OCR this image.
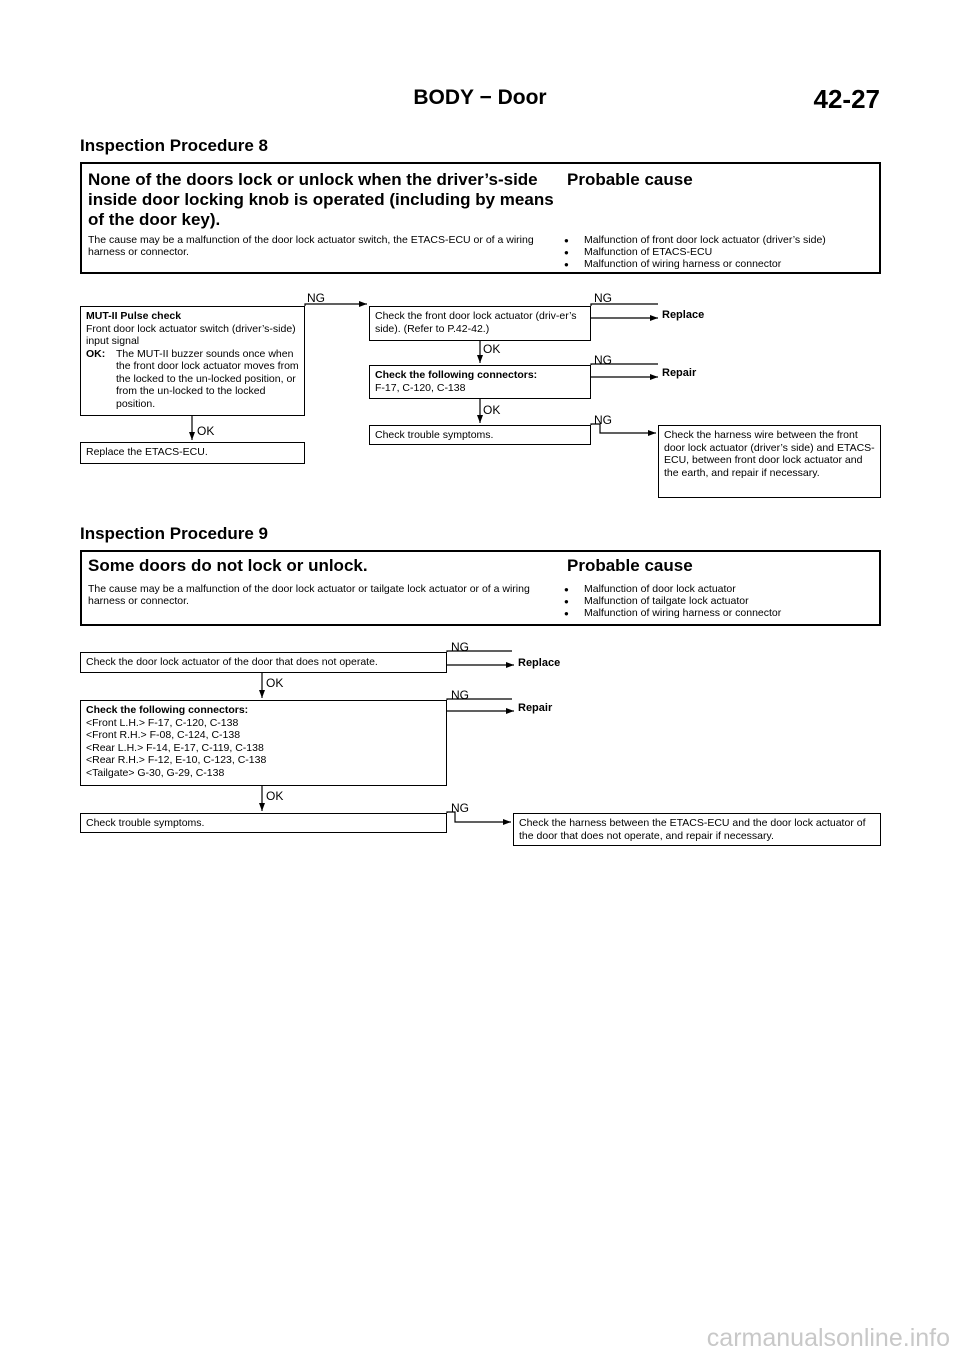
BODY − Door	42-27
Inspection Procedure 8
None of the doors lock or unlock when the driver’s-side inside door locking knob is operated (including by means of the door key).
Probable cause
The cause may be a malfunction of the door lock actuator switch, the ETACS-ECU or of a wiring harness or connector.
● Malfunction of front door lock actuator (driver’s side)
● Malfunction of ETACS-ECU
● Malfunction of wiring harness or connector
MUT-II Pulse check
Front door lock actuator switch (driver’s-side) input signal
OK:	The MUT-II buzzer sounds once when the front door lock actuator moves from the locked to the un-locked position, or from the un-locked to the locked position.
Replace the ETACS-ECU.
Check the front door lock actuator (driv-er’s side). (Refer to P.42-42.)
Check the following connectors:
F-17, C-120, C-138
Check trouble symptoms.	Check the harness wire between the front door lock actuator (driver’s side) and ETACS-ECU, between front door lock actuator and the earth, and repair if necessary.
NG
OK
NG
OK
NG
OK
NG
Replace
Repair
Inspection Procedure 9
Some doors do not lock or unlock.	Probable cause
The cause may be a malfunction of the door lock actuator or tailgate lock actuator or of a wiring harness or connector.
● Malfunction of door lock actuator
● Malfunction of tailgate lock actuator
● Malfunction of wiring harness or connector
Check the door lock actuator of the door that does not operate.
Check the following connectors:
<Front L.H.> F-17, C-120, C-138
<Front R.H.> F-08, C-124, C-138
<Rear L.H.> F-14, E-17, C-119, C-138
<Rear R.H.> F-12, E-10, C-123, C-138
<Tailgate> G-30, G-29, C-138
Check trouble symptoms.	Check the harness between the ETACS-ECU and the door lock actuator of the door that does not operate, and repair if necessary.
NG
OK
NG
OK
NG
Replace
Repair
carmanualsonline.info
